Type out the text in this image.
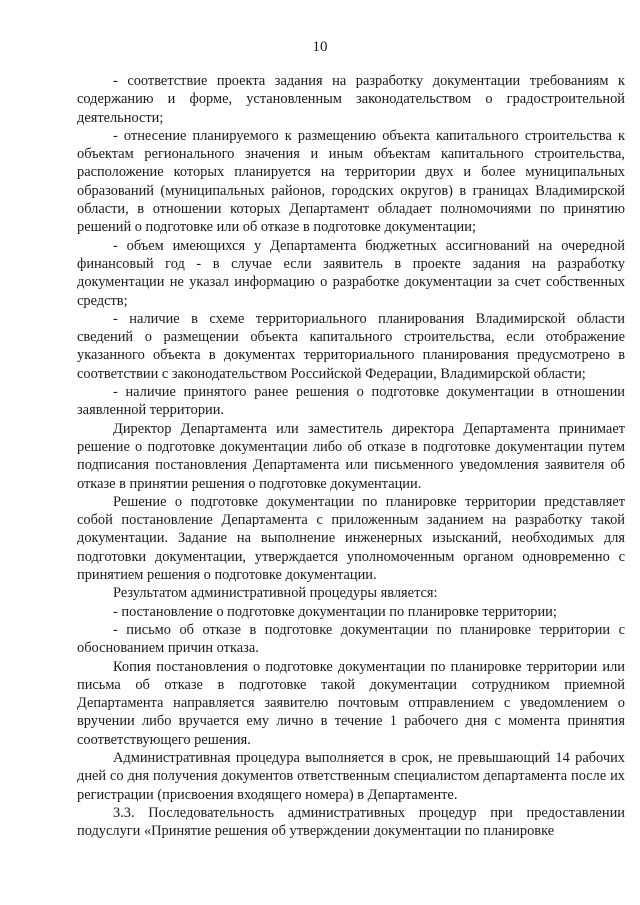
10

- соответствие проекта задания на разработку документации требованиям к содержанию и форме, установленным законодательством о градостроительной деятельности;

- отнесение планируемого к размещению объекта капитального строительства к объектам регионального значения и иным объектам капитального строительства, расположение которых планируется на территории двух и более муниципальных образований (муниципальных районов, городских округов) в границах Владимирской области, в отношении которых Департамент обладает полномочиями по принятию решений о подготовке или об отказе в подготовке документации;

- объем имеющихся у Департамента бюджетных ассигнований на очередной финансовый год - в случае если заявитель в проекте задания на разработку документации не указал информацию о разработке документации за счет собственных средств;

- наличие в схеме территориального планирования Владимирской области сведений о размещении объекта капитального строительства, если отображение указанного объекта в документах территориального планирования предусмотрено в соответствии с законодательством Российской Федерации, Владимирской области;

- наличие принятого ранее решения о подготовке документации в отношении заявленной территории.

Директор Департамента или заместитель директора Департамента принимает решение о подготовке документации либо об отказе в подготовке документации путем подписания постановления Департамента или письменного уведомления заявителя об отказе в принятии решения о подготовке документации.

Решение о подготовке документации по планировке территории представляет собой постановление Департамента с приложенным заданием на разработку такой документации. Задание на выполнение инженерных изысканий, необходимых для подготовки документации, утверждается уполномоченным органом одновременно с принятием решения о подготовке документации.

Результатом административной процедуры является:

- постановление о подготовке документации по планировке территории;

- письмо об отказе в подготовке документации по планировке территории с обоснованием причин отказа.

Копия постановления о подготовке документации по планировке территории или письма об отказе в подготовке такой документации сотрудником приемной Департамента направляется заявителю почтовым отправлением с уведомлением о вручении либо вручается ему лично в течение 1 рабочего дня с момента принятия соответствующего решения.

Административная процедура выполняется в срок, не превышающий 14 рабочих дней со дня получения документов ответственным специалистом департамента после их регистрации (присвоения входящего номера) в Департаменте.

3.3. Последовательность административных процедур при предоставлении подуслуги «Принятие решения об утверждении документации по планировке
